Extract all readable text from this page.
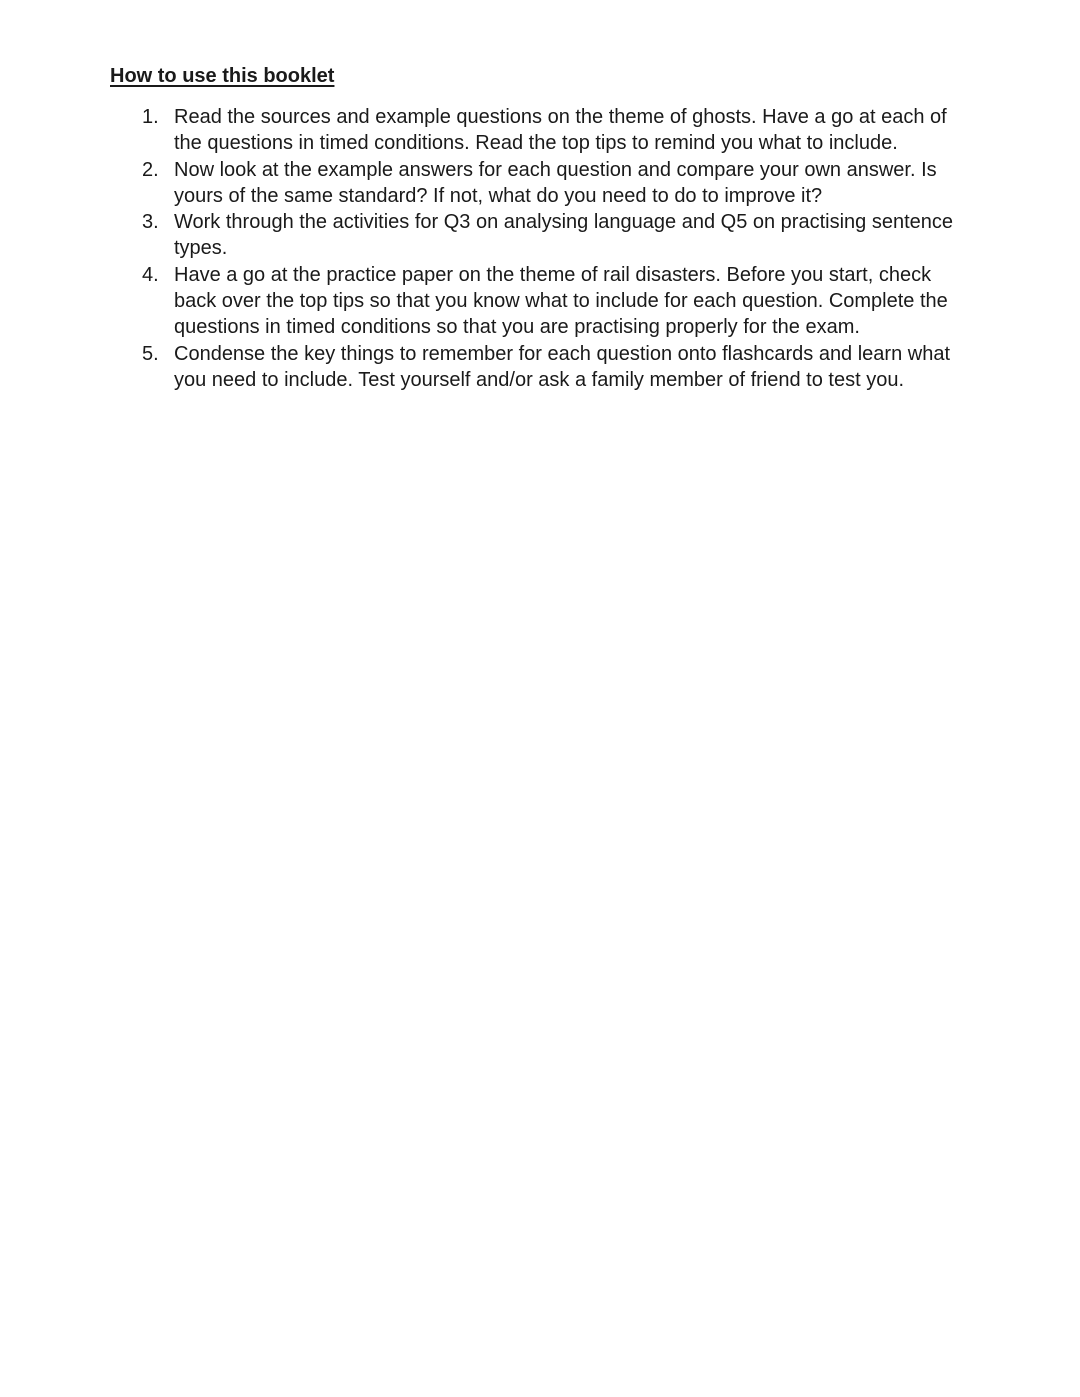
How to use this booklet
1. Read the sources and example questions on the theme of ghosts. Have a go at each of
the questions in timed conditions. Read the top tips to remind you what to include.
2. Now look at the example answers for each question and compare your own answer. Is
yours of the same standard? If not, what do you need to do to improve it?
3. Work through the activities for Q3 on analysing language and Q5 on practising sentence
types.
4. Have a go at the practice paper on the theme of rail disasters. Before you start, check
back over the top tips so that you know what to include for each question. Complete the
questions in timed conditions so that you are practising properly for the exam.
5. Condense the key things to remember for each question onto flashcards and learn what
you need to include. Test yourself and/or ask a family member of friend to test you.
